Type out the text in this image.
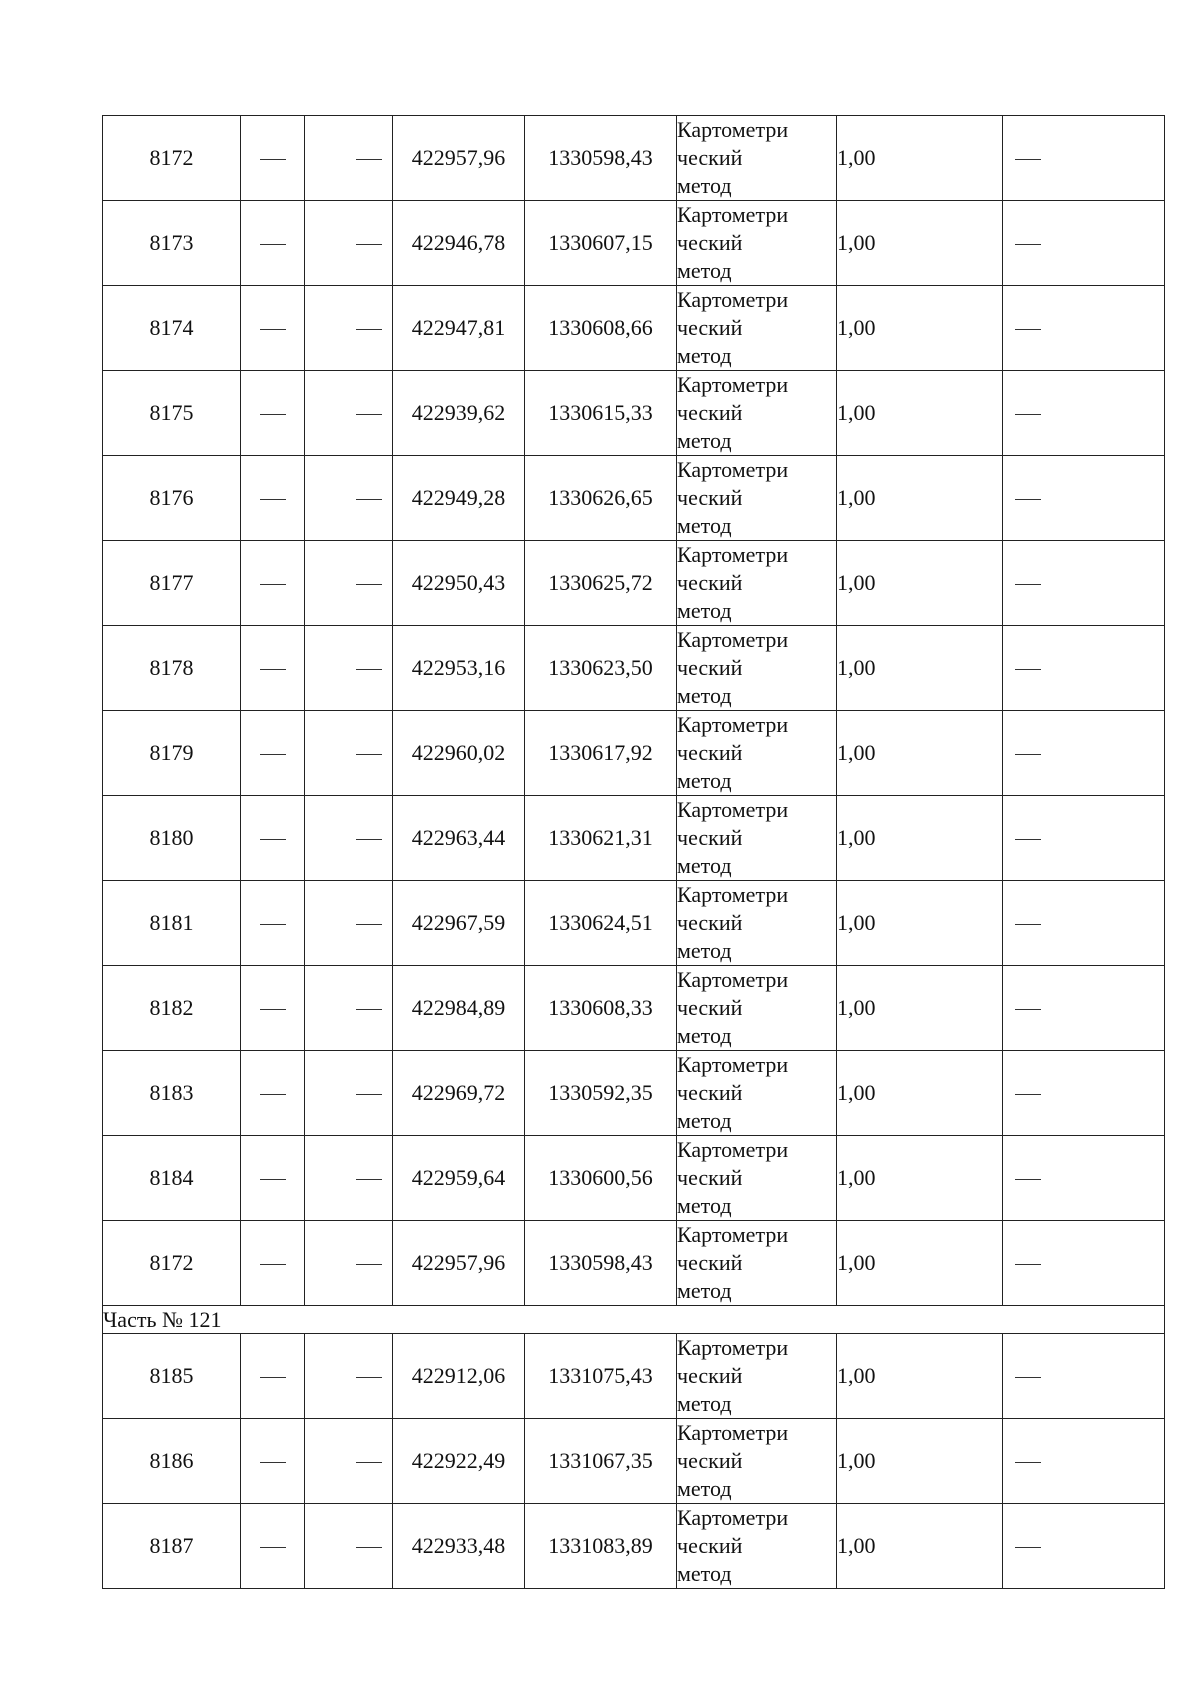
8172			422957,96	1330598,43	Картометри
ческий
метод	1,00	
8173			422946,78	1330607,15	Картометри
ческий
метод	1,00	
8174			422947,81	1330608,66	Картометри
ческий
метод	1,00	
8175			422939,62	1330615,33	Картометри
ческий
метод	1,00	
8176			422949,28	1330626,65	Картометри
ческий
метод	1,00	
8177			422950,43	1330625,72	Картометри
ческий
метод	1,00	
8178			422953,16	1330623,50	Картометри
ческий
метод	1,00	
8179			422960,02	1330617,92	Картометри
ческий
метод	1,00	
8180			422963,44	1330621,31	Картометри
ческий
метод	1,00	
8181			422967,59	1330624,51	Картометри
ческий
метод	1,00	
8182			422984,89	1330608,33	Картометри
ческий
метод	1,00	
8183			422969,72	1330592,35	Картометри
ческий
метод	1,00	
8184			422959,64	1330600,56	Картометри
ческий
метод	1,00	
8172			422957,96	1330598,43	Картометри
ческий
метод	1,00	
Часть № 121							
8185			422912,06	1331075,43	Картометри
ческий
метод	1,00	
8186			422922,49	1331067,35	Картометри
ческий
метод	1,00	
8187			422933,48	1331083,89	Картометри
ческий
метод	1,00	
